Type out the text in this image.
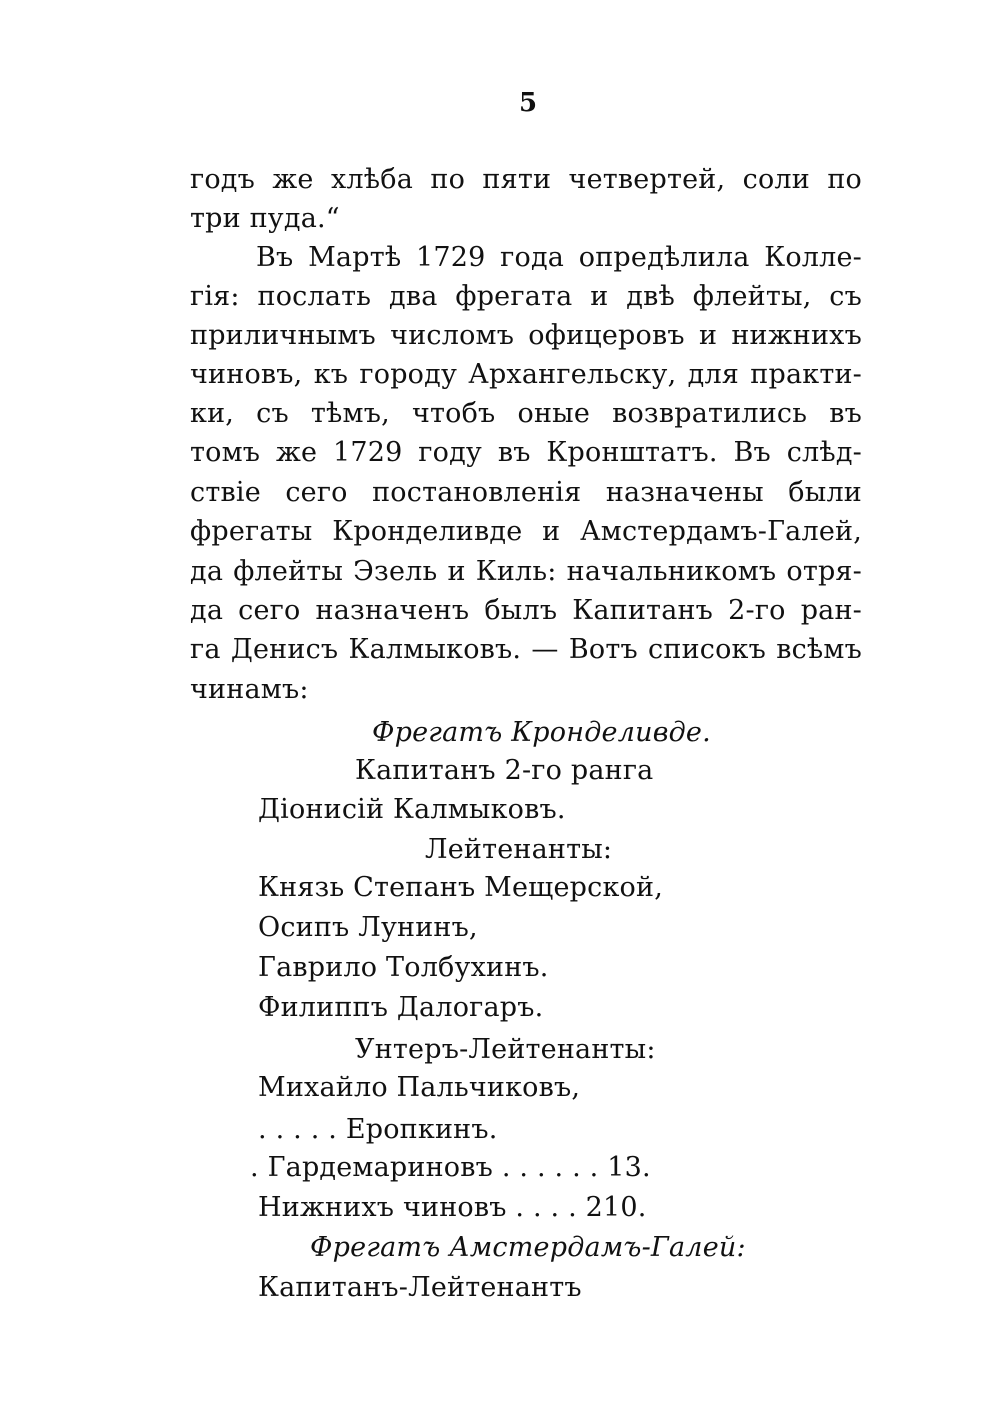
5
годъ же хлѣба по пяти четвертей, соли по
три пуда.“
Въ Мартѣ 1729 года опредѣлила Колле-
гія: послать два фрегата и двѣ флейты, съ
приличнымъ числомъ офицеровъ и нижнихъ
чиновъ, къ городу Архангельску, для практи-
ки, съ тѣмъ, чтобъ оные возвратились въ
томъ же 1729 году въ Кронштатъ. Въ слѣд-
ствіе сего постановленія назначены были
фрегаты Кронделивде и Амстердамъ-Галей,
да флейты Эзель и Киль: начальникомъ отря-
да сего назначенъ былъ Капитанъ 2-го ран-
га Денисъ Калмыковъ. — Вотъ списокъ всѣмъ
чинамъ:
Фрегатъ Кронделивде.
Капитанъ 2-го ранга
Діонисій Калмыковъ.
Лейтенанты:
Князь Степанъ Мещерской,
Осипъ Лунинъ,
Гаврило Толбухинъ.
Филиппъ Далогаръ.
Унтеръ-Лейтенанты:
Михайло Пальчиковъ,
. . . . . Еропкинъ.
. Гардемариновъ . . . . . . 13.
Нижнихъ чиновъ . . . . 210.
Фрегатъ Амстердамъ-Галей:
Капитанъ-Лейтенантъ
